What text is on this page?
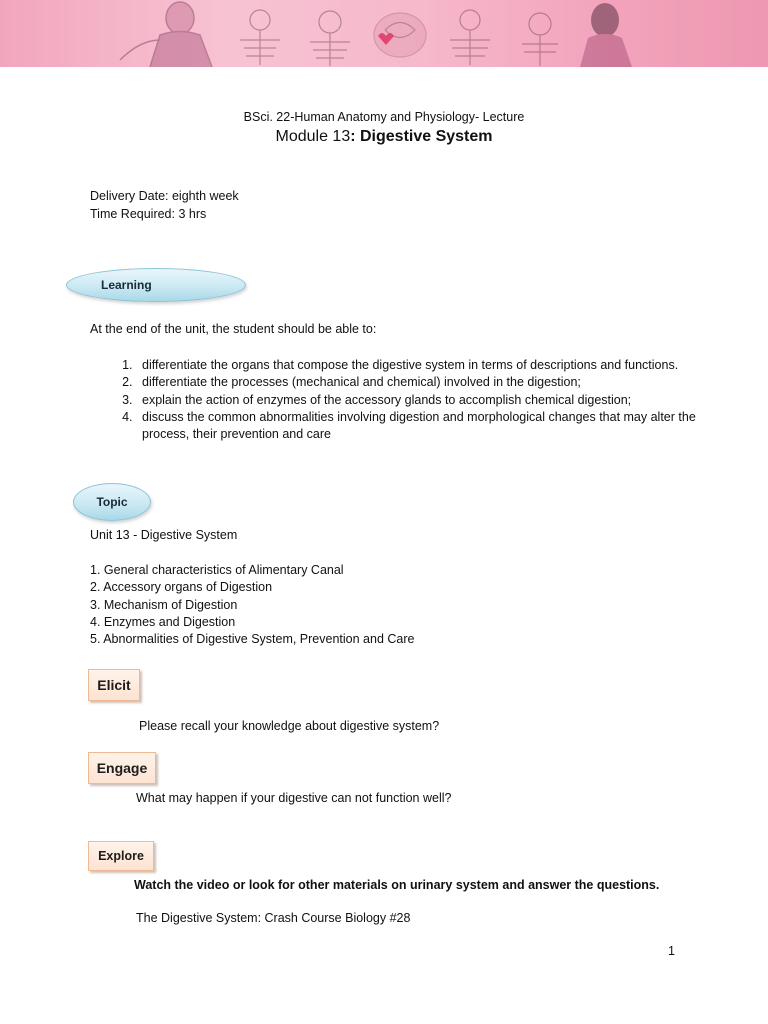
BSci. 22-Human Anatomy and Physiology- Lecture
Module 13: Digestive System
Delivery Date: eighth week
Time Required: 3 hrs
Learning
At the end of the unit, the student should be able to:
1. differentiate the organs that compose the digestive system in terms of descriptions and functions.
2. differentiate the processes (mechanical and chemical) involved in the digestion;
3. explain the action of enzymes of the accessory glands to accomplish chemical digestion;
4. discuss the common abnormalities involving digestion and morphological changes that may alter the process, their prevention and care
Topic
Unit 13 - Digestive System
1. General characteristics of Alimentary Canal
2. Accessory organs of Digestion
3. Mechanism of Digestion
4. Enzymes and Digestion
5. Abnormalities of Digestive System, Prevention and Care
Elicit
Please recall your knowledge about digestive system?
Engage
What may happen if your digestive can not function well?
Explore
Watch the video or look for other materials on urinary system and answer the questions.
The Digestive System: Crash Course Biology #28
1
